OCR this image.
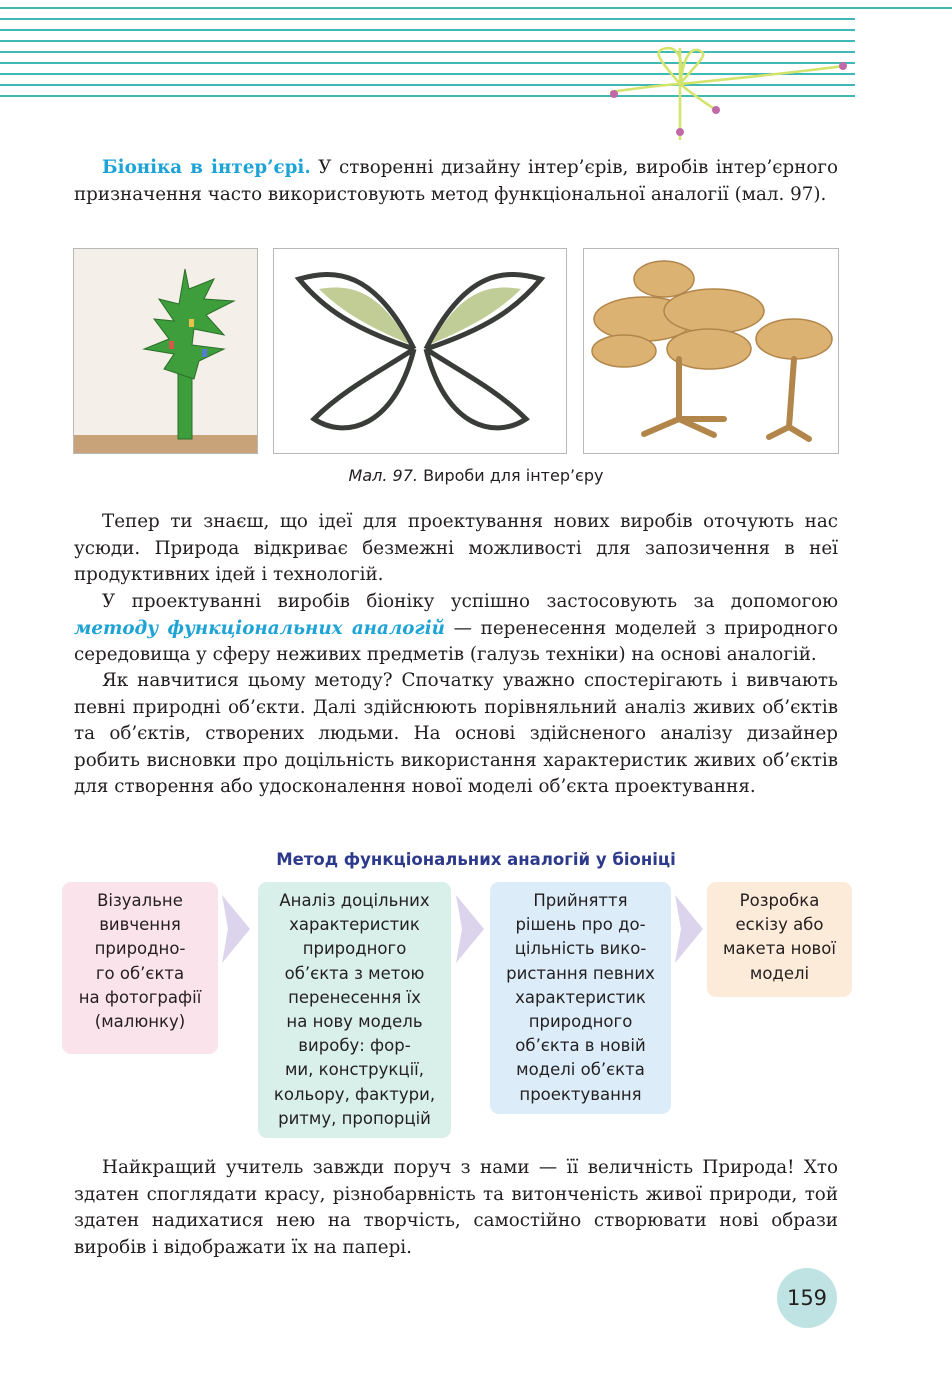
Біоніка в інтер’єрі. У створенні дизайну інтер’єрів, виробів інтер’єрного призначення часто використовують метод функціональної аналогії (мал. 97).

Мал. 97. Вироби для інтер’єру

Тепер ти знаєш, що ідеї для проектування нових виробів оточують нас усюди. Природа відкриває безмежні можливості для запозичення в неї продуктивних ідей і технологій.

У проектуванні виробів біоніку успішно застосовують за допомогою методу функціональних аналогій — перенесення моделей з природного середовища у сферу неживих предметів (галузь техніки) на основі аналогій.

Як навчитися цьому методу? Спочатку уважно спостерігають і вивчають певні природні об’єкти. Далі здійснюють порівняльний аналіз живих об’єктів та об’єктів, створених людьми. На основі здійсненого аналізу дизайнер робить висновки про доцільність використання характеристик живих об’єктів для створення або удосконалення нової моделі об’єкта проектування.

Метод функціональних аналогій у біоніці
Візуальне
вивчення
природно-
го об’єкта
на фотографії
(малюнку)
Аналіз доцільних
характеристик
природного
об’єкта з метою
перенесення їх
на нову модель
виробу: фор-
ми, конструкції,
кольору, фактури,
ритму, пропорцій
Прийняття
рішень про до-
цільність вико-
ристання певних
характеристик
природного
об’єкта в новій
моделі об’єкта
проектування
Розробка
ескізу або
макета нової
моделі

Найкращий учитель завжди поруч з нами — її величність Природа! Хто здатен споглядати красу, різнобарвність та витонченість живої природи, той здатен надихатися нею на творчість, самостійно створювати нові образи виробів і відображати їх на папері.

159
